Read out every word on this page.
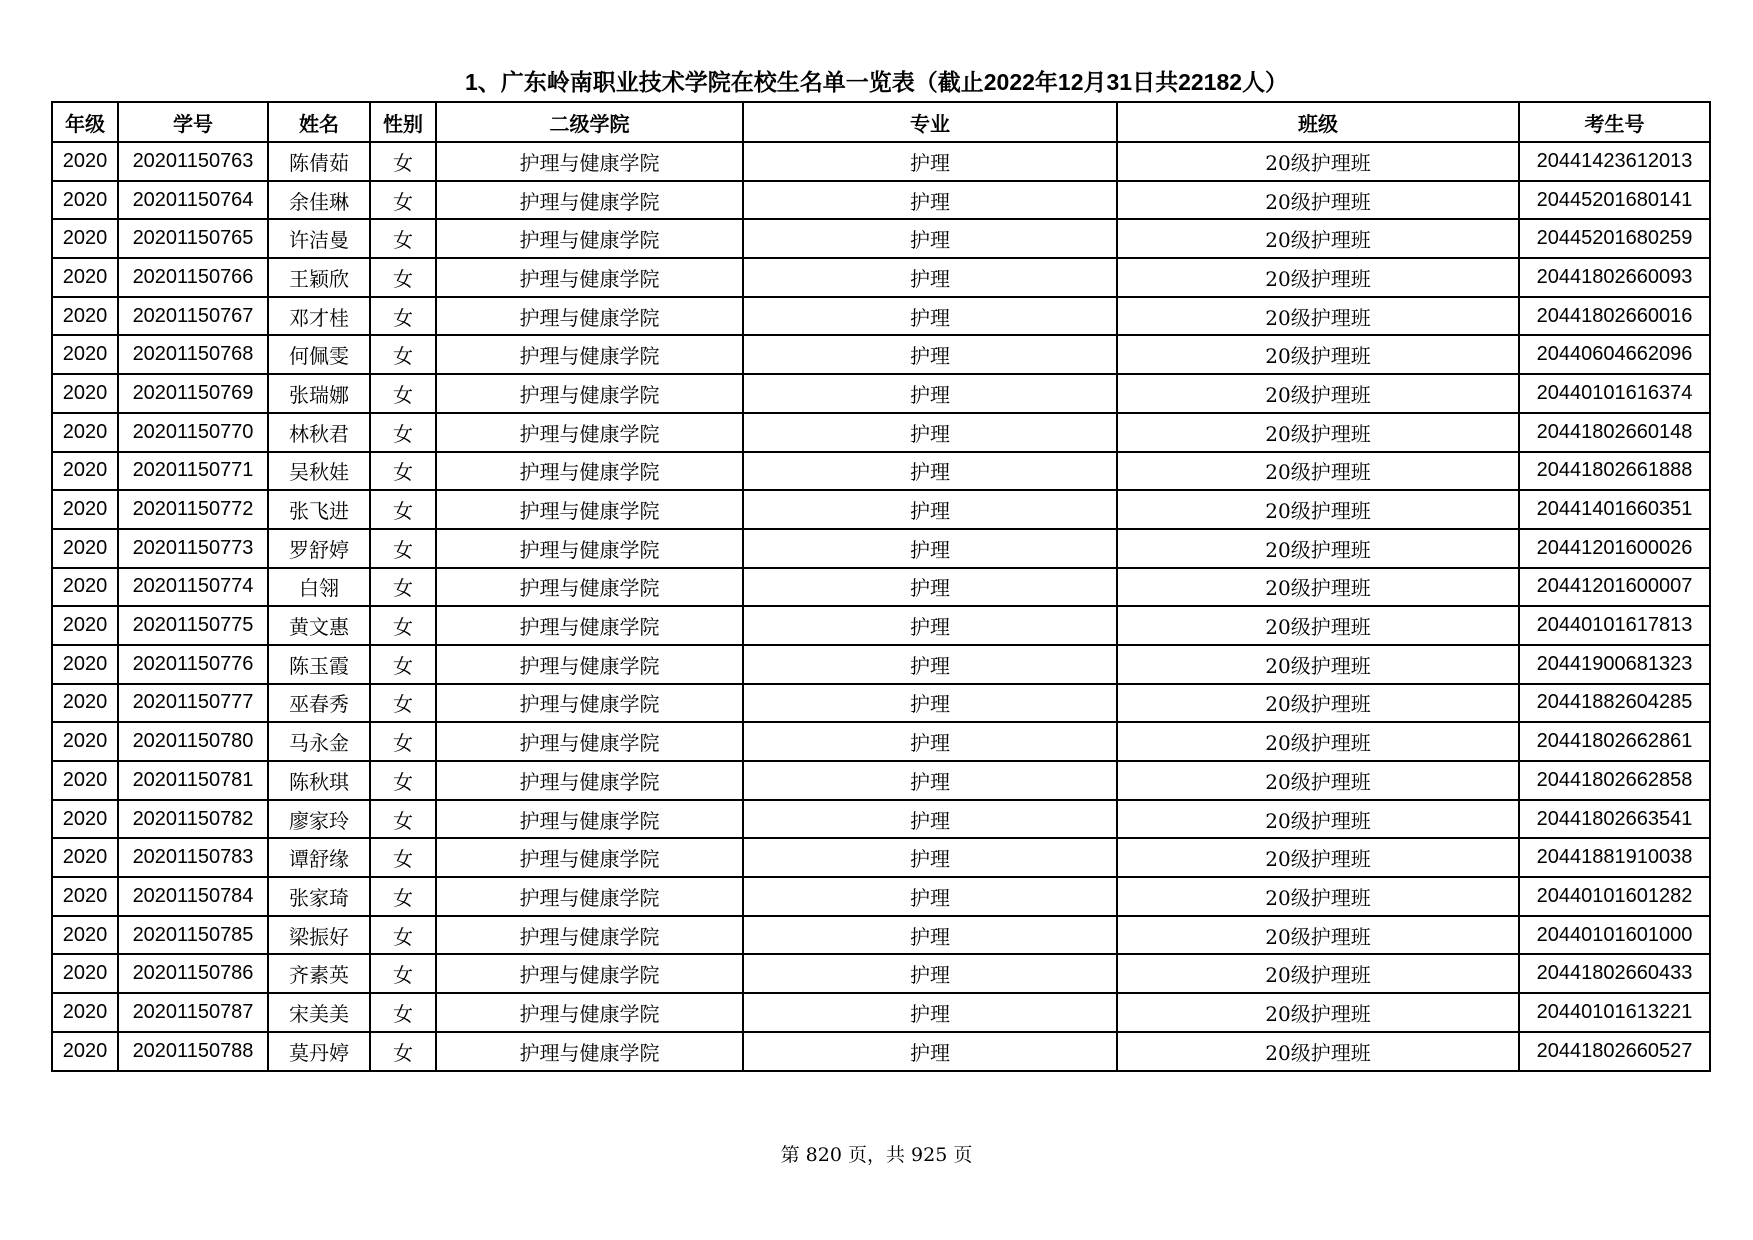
1、广东岭南职业技术学院在校生名单一览表（截止2022年12月31日共22182人）
年级	学号	姓名	性别	二级学院	专业	班级	考生号
2020	20201150763	陈倩茹	女	护理与健康学院	护理	20级护理班	20441423612013
2020	20201150764	余佳琳	女	护理与健康学院	护理	20级护理班	20445201680141
2020	20201150765	许洁曼	女	护理与健康学院	护理	20级护理班	20445201680259
2020	20201150766	王颖欣	女	护理与健康学院	护理	20级护理班	20441802660093
2020	20201150767	邓才桂	女	护理与健康学院	护理	20级护理班	20441802660016
2020	20201150768	何佩雯	女	护理与健康学院	护理	20级护理班	20440604662096
2020	20201150769	张瑞娜	女	护理与健康学院	护理	20级护理班	20440101616374
2020	20201150770	林秋君	女	护理与健康学院	护理	20级护理班	20441802660148
2020	20201150771	吴秋娃	女	护理与健康学院	护理	20级护理班	20441802661888
2020	20201150772	张飞进	女	护理与健康学院	护理	20级护理班	20441401660351
2020	20201150773	罗舒婷	女	护理与健康学院	护理	20级护理班	20441201600026
2020	20201150774	白翎	女	护理与健康学院	护理	20级护理班	20441201600007
2020	20201150775	黄文惠	女	护理与健康学院	护理	20级护理班	20440101617813
2020	20201150776	陈玉霞	女	护理与健康学院	护理	20级护理班	20441900681323
2020	20201150777	巫春秀	女	护理与健康学院	护理	20级护理班	20441882604285
2020	20201150780	马永金	女	护理与健康学院	护理	20级护理班	20441802662861
2020	20201150781	陈秋琪	女	护理与健康学院	护理	20级护理班	20441802662858
2020	20201150782	廖家玲	女	护理与健康学院	护理	20级护理班	20441802663541
2020	20201150783	谭舒缘	女	护理与健康学院	护理	20级护理班	20441881910038
2020	20201150784	张家琦	女	护理与健康学院	护理	20级护理班	20440101601282
2020	20201150785	梁振好	女	护理与健康学院	护理	20级护理班	20440101601000
2020	20201150786	齐素英	女	护理与健康学院	护理	20级护理班	20441802660433
2020	20201150787	宋美美	女	护理与健康学院	护理	20级护理班	20440101613221
2020	20201150788	莫丹婷	女	护理与健康学院	护理	20级护理班	20441802660527
第 820 页，共 925 页
